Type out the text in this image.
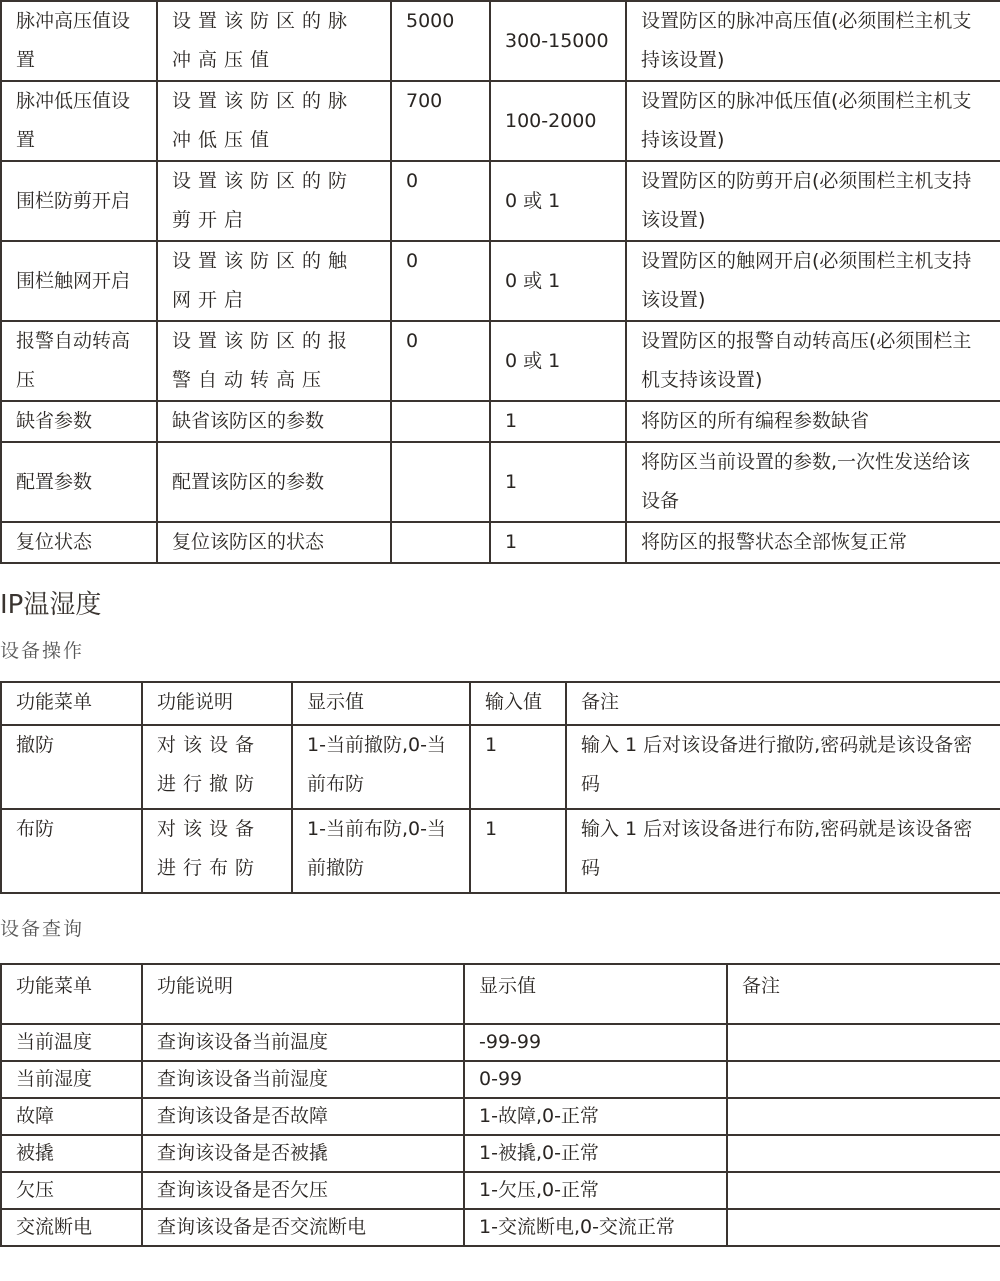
脉冲高压值设置	设置该防区的脉冲高压值	5000	300-15000	设置防区的脉冲高压值(必须围栏主机支持该设置)
脉冲低压值设置	设置该防区的脉冲低压值	700	100-2000	设置防区的脉冲低压值(必须围栏主机支持该设置)
围栏防剪开启	设置该防区的防剪开启	0	0 或 1	设置防区的防剪开启(必须围栏主机支持该设置)
围栏触网开启	设置该防区的触网开启	0	0 或 1	设置防区的触网开启(必须围栏主机支持该设置)
报警自动转高压	设置该防区的报警自动转高压	0	0 或 1	设置防区的报警自动转高压(必须围栏主机支持该设置)
缺省参数	缺省该防区的参数		1	将防区的所有编程参数缺省
配置参数	配置该防区的参数		1	将防区当前设置的参数,一次性发送给该设备
复位状态	复位该防区的状态		1	将防区的报警状态全部恢复正常
IP温湿度
设备操作
功能菜单	功能说明	显示值	输入值	备注
撤防	对该设备进行撤防	1-当前撤防,0-当前布防	1	输入 1 后对该设备进行撤防,密码就是该设备密码
布防	对该设备进行布防	1-当前布防,0-当前撤防	1	输入 1 后对该设备进行布防,密码就是该设备密码
设备查询
功能菜单	功能说明	显示值	备注
当前温度	查询该设备当前温度	-99-99	
当前湿度	查询该设备当前湿度	0-99	
故障	查询该设备是否故障	1-故障,0-正常	
被撬	查询该设备是否被撬	1-被撬,0-正常	
欠压	查询该设备是否欠压	1-欠压,0-正常	
交流断电	查询该设备是否交流断电	1-交流断电,0-交流正常	
